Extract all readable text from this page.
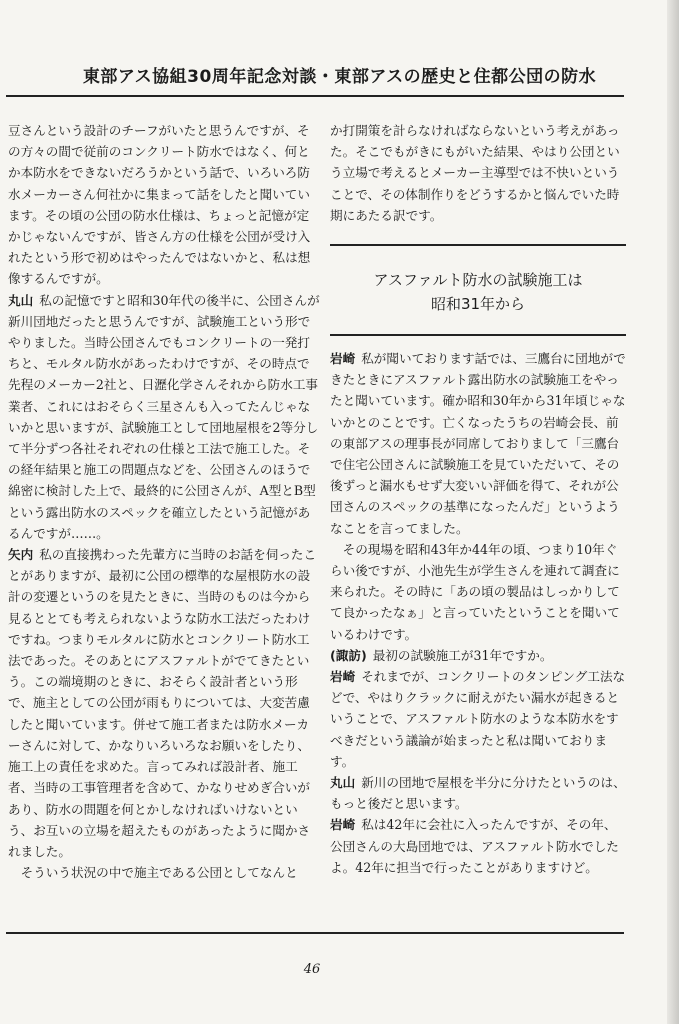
東部アス協組30周年記念対談・東部アスの歴史と住都公団の防水

豆さんという設計のチーフがいたと思うんですが、その方々の間で従前のコンクリート防水ではなく、何とか本防水をできないだろうかという話で、いろいろ防水メーカーさん何社かに集まって話をしたと聞いています。その頃の公団の防水仕様は、ちょっと記憶が定かじゃないんですが、皆さん方の仕様を公団が受け入れたという形で初めはやったんではないかと、私は想像するんですが。

丸山 私の記憶ですと昭和30年代の後半に、公団さんが新川団地だったと思うんですが、試験施工という形でやりました。当時公団さんでもコンクリートの一発打ちと、モルタル防水があったわけですが、その時点で先程のメーカー2社と、日瀝化学さんそれから防水工事業者、これにはおそらく三星さんも入ってたんじゃないかと思いますが、試験施工として団地屋根を2等分して半分ずつ各社それぞれの仕様と工法で施工した。その経年結果と施工の問題点などを、公団さんのほうで綿密に検討した上で、最終的に公団さんが、A型とB型という露出防水のスペックを確立したという記憶があるんですが……。

矢内 私の直接携わった先輩方に当時のお話を伺ったことがありますが、最初に公団の標準的な屋根防水の設計の変遷というのを見たときに、当時のものは今から見るととても考えられないような防水工法だったわけですね。つまりモルタルに防水とコンクリート防水工法であった。そのあとにアスファルトがでてきたという。この端境期のときに、おそらく設計者という形で、施主としての公団が雨もりについては、大変苦慮したと聞いています。併せて施工者または防水メーカーさんに対して、かなりいろいろなお願いをしたり、施工上の責任を求めた。言ってみれば設計者、施工者、当時の工事管理者を含めて、かなりせめぎ合いがあり、防水の問題を何とかしなければいけないという、お互いの立場を超えたものがあったように聞かされました。

そういう状況の中で施主である公団としてなんと

か打開策を計らなければならないという考えがあった。そこでもがきにもがいた結果、やはり公団という立場で考えるとメーカー主導型では不快いということで、その体制作りをどうするかと悩んでいた時期にあたる訳です。

アスファルト防水の試験施工は
昭和31年から

岩崎 私が聞いております話では、三鷹台に団地ができたときにアスファルト露出防水の試験施工をやったと聞いています。確か昭和30年から31年頃じゃないかとのことです。亡くなったうちの岩崎会長、前の東部アスの理事長が同席しておりまして「三鷹台で住宅公団さんに試験施工を見ていただいて、その後ずっと漏水もせず大変いい評価を得て、それが公団さんのスペックの基準になったんだ」というようなことを言ってました。

その現場を昭和43年か44年の頃、つまり10年ぐらい後ですが、小池先生が学生さんを連れて調査に来られた。その時に「あの頃の製品はしっかりしてて良かったなぁ」と言っていたということを聞いているわけです。

(諏訪) 最初の試験施工が31年ですか。

岩崎 それまでが、コンクリートのタンピング工法などで、やはりクラックに耐えがたい漏水が起きるということで、アスファルト防水のような本防水をすべきだという議論が始まったと私は聞いております。

丸山 新川の団地で屋根を半分に分けたというのは、もっと後だと思います。

岩崎 私は42年に会社に入ったんですが、その年、公団さんの大島団地では、アスファルト防水でしたよ。42年に担当で行ったことがありますけど。

46
